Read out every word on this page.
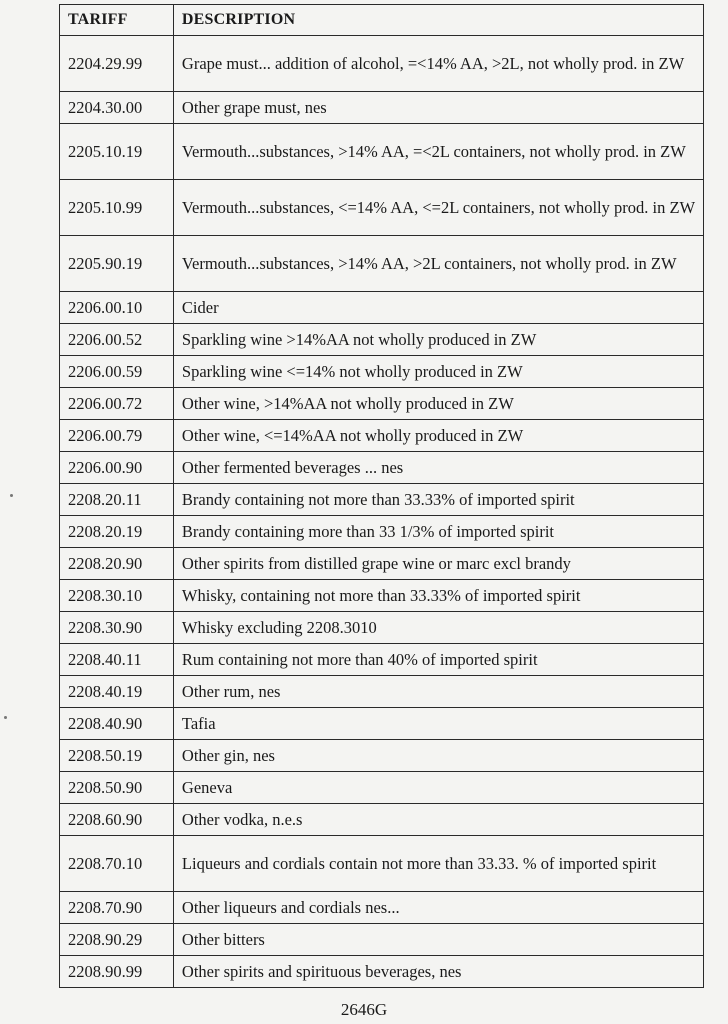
TARIFF	DESCRIPTION
2204.29.99	Grape must... addition of alcohol, =<14% AA, >2L, not wholly prod. in ZW
2204.30.00	Other grape must, nes
2205.10.19	Vermouth...substances, >14% AA, =<2L containers, not wholly prod. in ZW
2205.10.99	Vermouth...substances, <=14% AA, <=2L containers, not wholly prod. in ZW
2205.90.19	Vermouth...substances, >14% AA, >2L containers, not wholly prod. in ZW
2206.00.10	Cider
2206.00.52	Sparkling wine >14%AA not wholly produced in ZW
2206.00.59	Sparkling wine <=14% not wholly produced in ZW
2206.00.72	Other wine, >14%AA not wholly produced in ZW
2206.00.79	Other wine, <=14%AA not wholly produced in ZW
2206.00.90	Other fermented beverages ... nes
2208.20.11	Brandy containing not more than 33.33% of imported spirit
2208.20.19	Brandy containing more than 33 1/3% of imported spirit
2208.20.90	Other spirits from distilled grape wine or marc excl brandy
2208.30.10	Whisky, containing not more than 33.33% of imported spirit
2208.30.90	Whisky excluding 2208.3010
2208.40.11	Rum containing not more than 40% of imported spirit
2208.40.19	Other rum, nes
2208.40.90	Tafia
2208.50.19	Other gin, nes
2208.50.90	Geneva
2208.60.90	Other vodka, n.e.s
2208.70.10	Liqueurs and cordials contain not more than 33.33. % of imported spirit
2208.70.90	Other liqueurs and cordials nes...
2208.90.29	Other bitters
2208.90.99	Other spirits and spirituous beverages, nes
2646G
